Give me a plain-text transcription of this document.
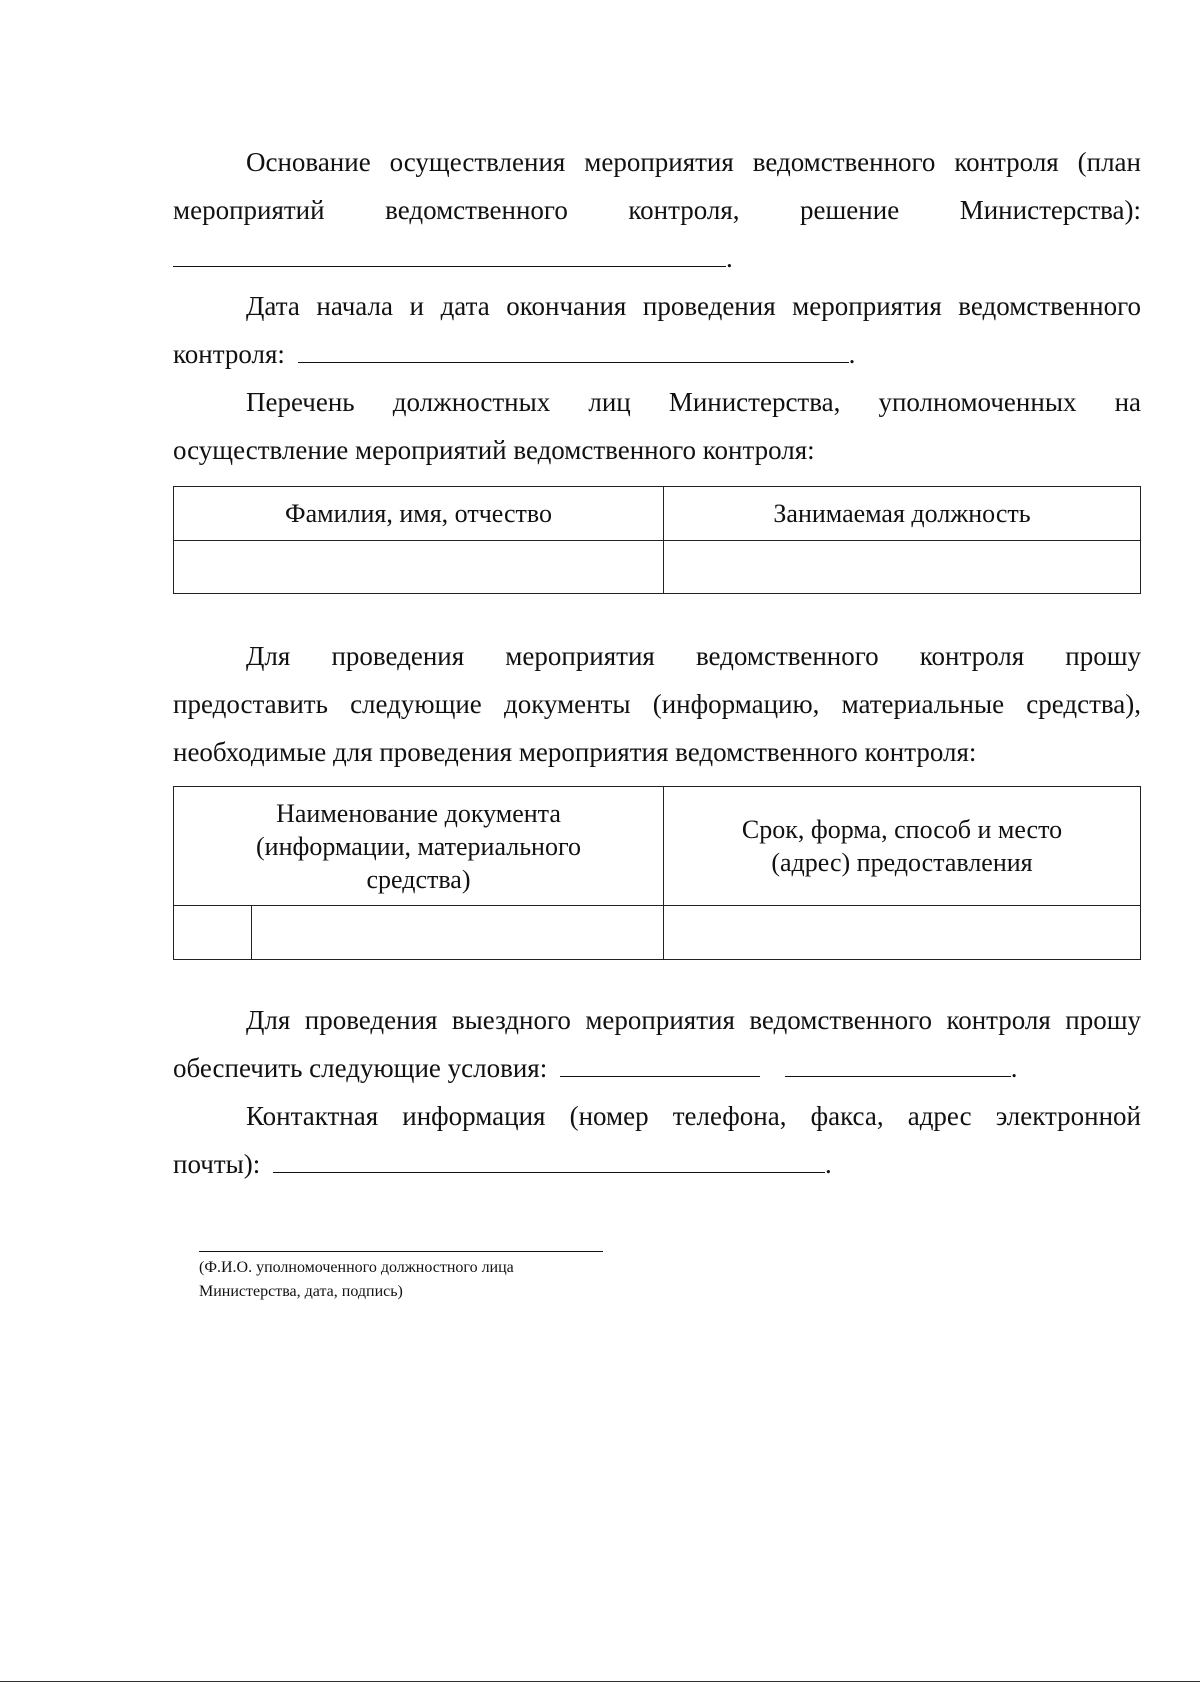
Основание осуществления мероприятия ведомственного контроля (план
мероприятий ведомственного контроля, решение Министерства):
.
Дата начала и дата окончания проведения мероприятия ведомственного
контроля:	.
Перечень должностных лиц Министерства, уполномоченных на
осуществление мероприятий ведомственного контроля:
Фамилия, имя, отчество	Занимаемая должность

Для проведения мероприятия ведомственного контроля прошу
предоставить следующие документы (информацию, материальные средства),
необходимые для проведения мероприятия ведомственного контроля:
Наименование документа (информации, материального средства)		Срок, форма, способ и место (адрес) предоставления

Для проведения выездного мероприятия ведомственного контроля прошу
обеспечить следующие условия:	.
Контактная информация (номер телефона, факса, адрес электронной
почты):	.
(Ф.И.О. уполномоченного должностного лица
Министерства, дата, подпись)
